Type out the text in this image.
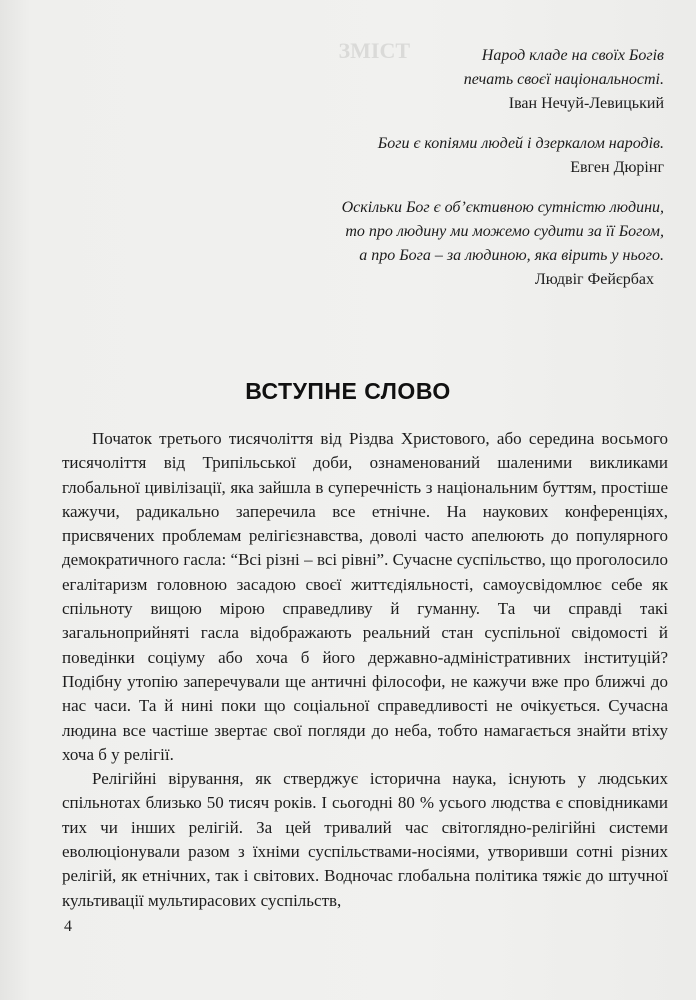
ЗМІСТ	Народ кладе на своїх Богів
печать своєї національності.
Іван Нечуй-Левицький
Боги є копіями людей і дзеркалом народів.
Евген Дюрінг
Оскільки Бог є об’єктивною сутністю людини,
то про людину ми можемо судити за її Богом,
а про Бога – за людиною, яка вірить у нього.
Людвіг Фейєрбах
ВСТУПНЕ СЛОВО

Початок третього тисячоліття від Різдва Христового, або середина восьмого тисячоліття від Трипільської доби, ознаменований шаленими викликами глобальної цивілізації, яка зайшла в суперечність з національним буттям, простіше кажучи, радикально заперечила все етнічне. На наукових конференціях, присвячених проблемам релігієзнавства, доволі часто апелюють до популярного демократичного гасла: “Всі різні – всі рівні”. Сучасне суспільство, що проголосило егалітаризм головною засадою своєї життєдіяльності, самоусвідомлює себе як спільноту вищою мірою справедливу й гуманну. Та чи справді такі загальноприйняті гасла відображають реальний стан суспільної свідомості й поведінки соціуму або хоча б його державно-адміністративних інституцій? Подібну утопію заперечували ще античні філософи, не кажучи вже про ближчі до нас часи. Та й нині поки що соціальної справедливості не очікується. Сучасна людина все частіше звертає свої погляди до неба, тобто намагається знайти втіху хоча б у релігії.

Релігійні вірування, як стверджує історична наука, існують у людських спільнотах близько 50 тисяч років. І сьогодні 80 % усього людства є сповідниками тих чи інших релігій. За цей тривалий час світоглядно-релігійні системи еволюціонували разом з їхніми суспільствами-носіями, утворивши сотні різних релігій, як етнічних, так і світових. Водночас глобальна політика тяжіє до штучної культивації мультирасових суспільств,

4
